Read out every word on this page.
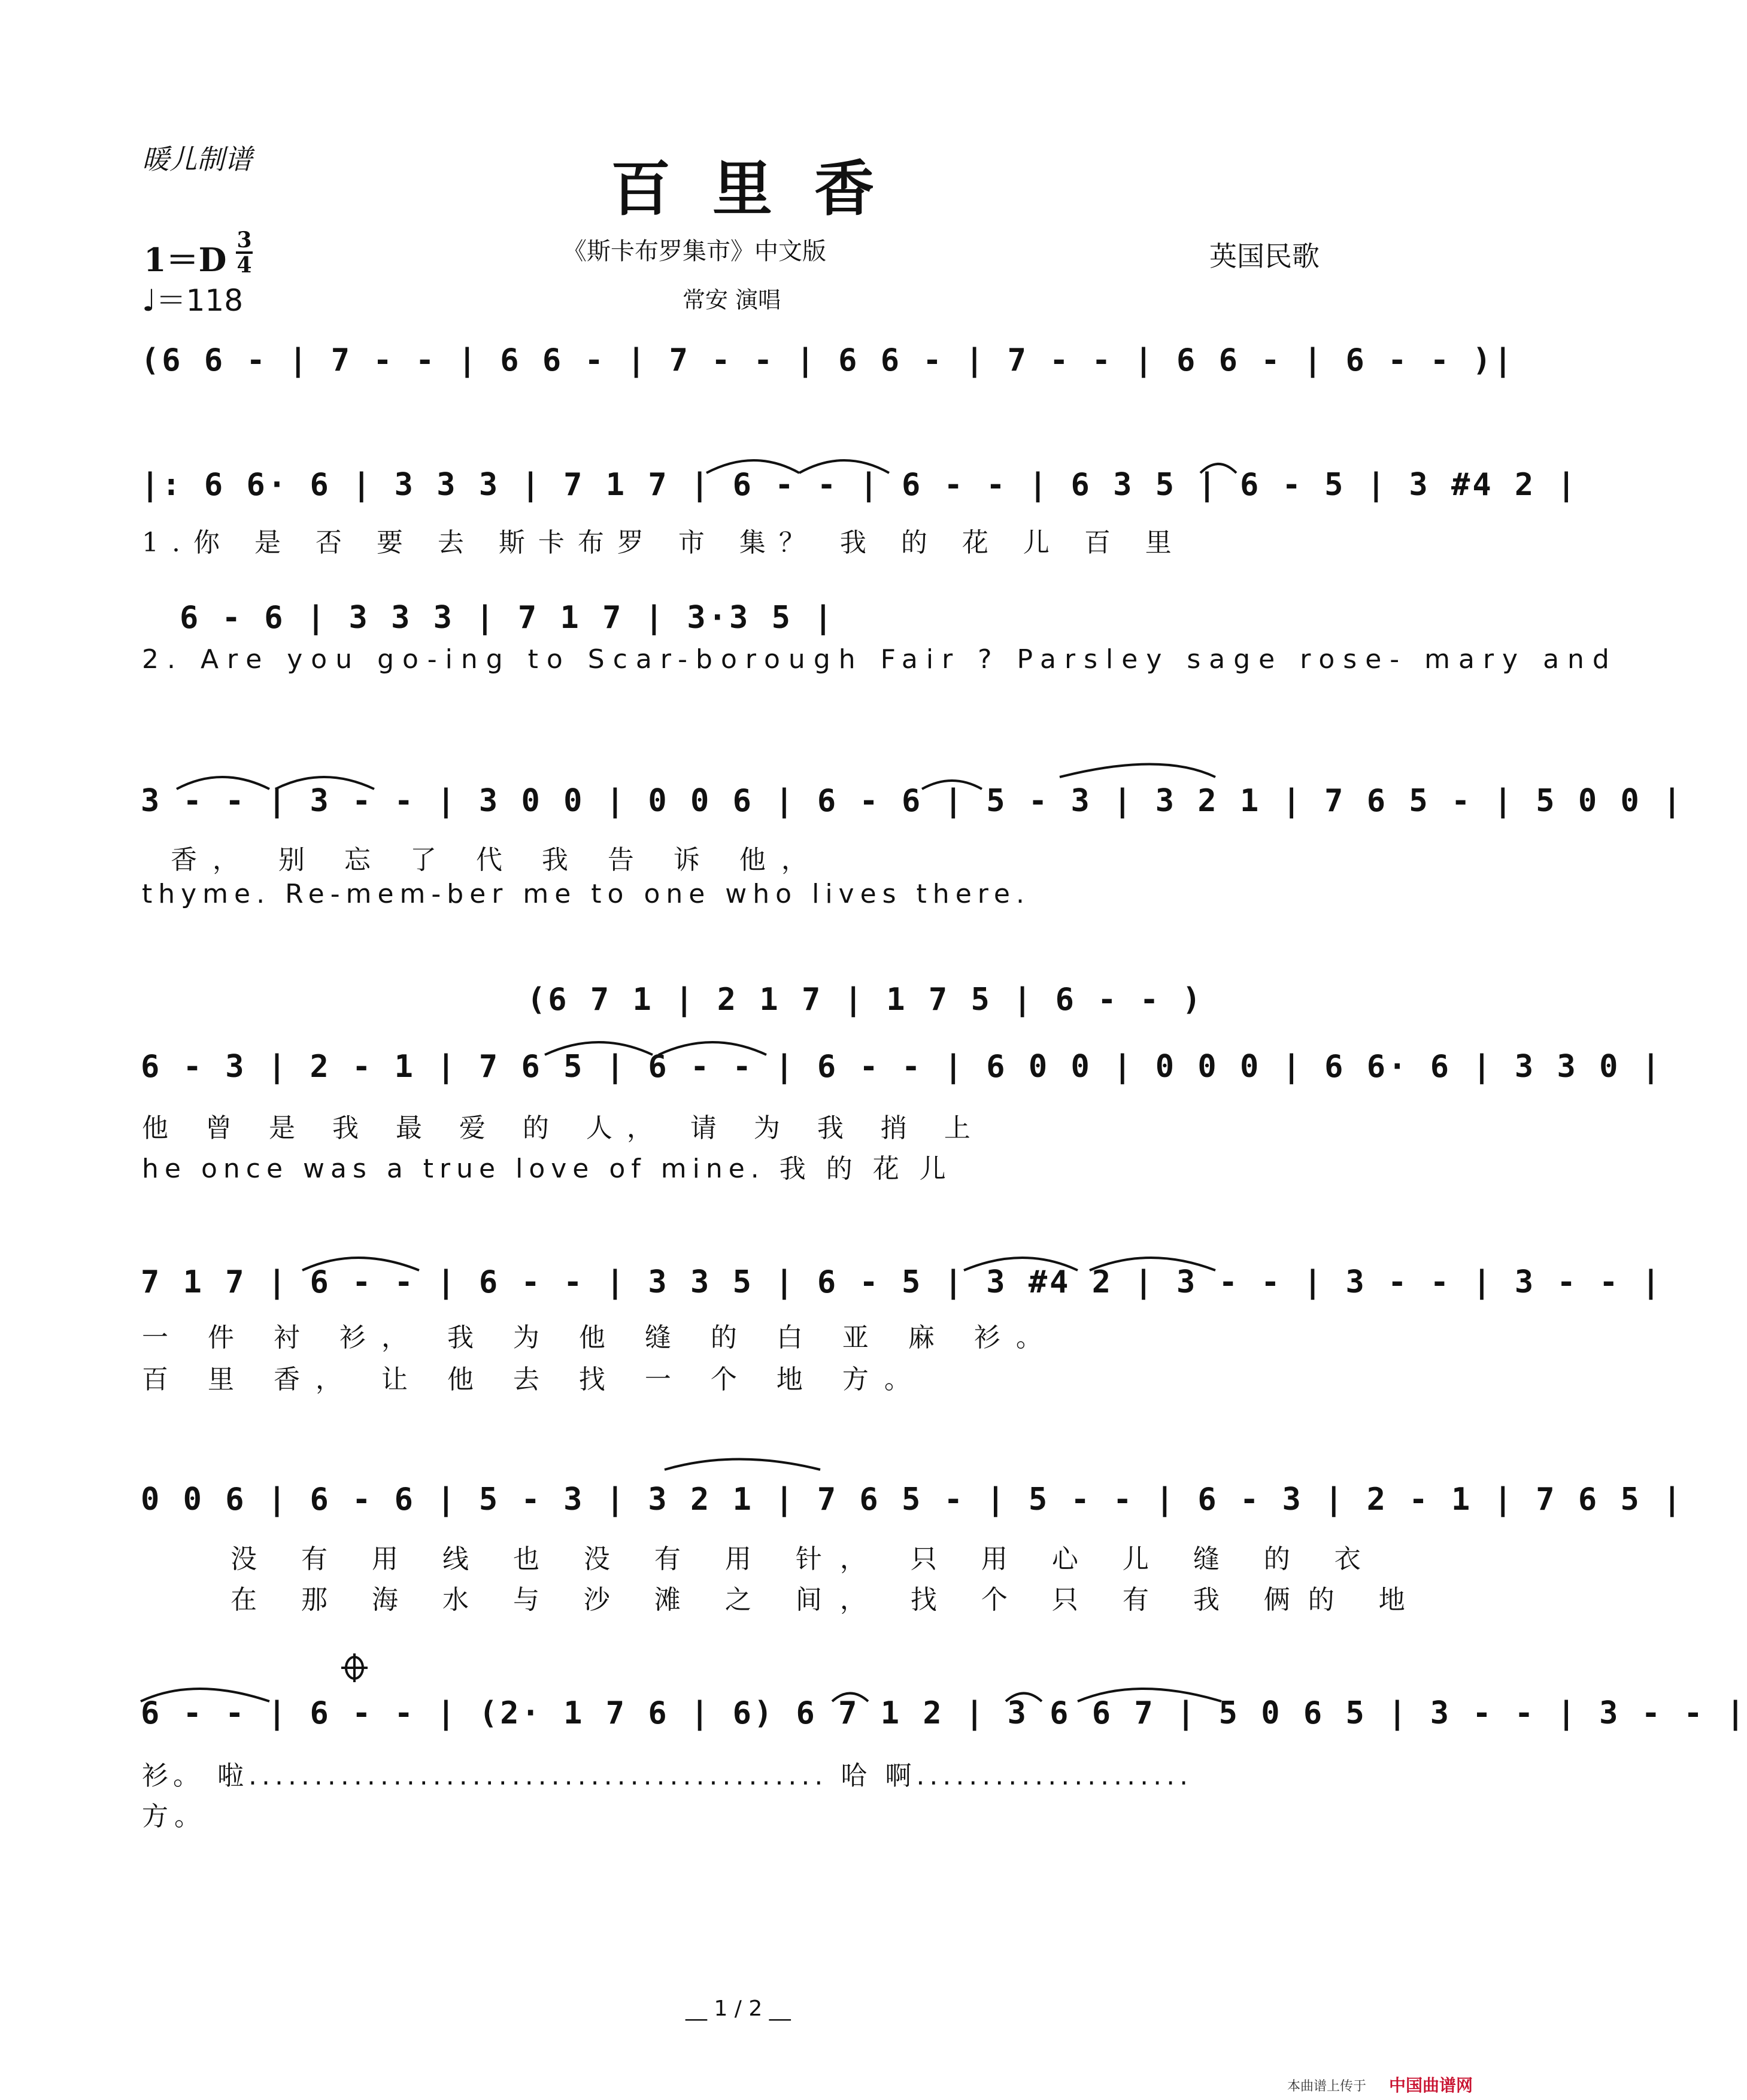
暖儿制谱	百里香
1＝D
3
4
♩＝118
《斯卡布罗集市》中文版
常安 演唱
英国民歌
(6 6 - | 7 - - | 6 6 - | 7 - - | 6 6 - | 7 - - | 6 6 - | 6 - - )|
|: 6 6· 6 | 3 3 3 | 7 1 7 | 6 - - | 6 - - | 6 3 5 | 6 - 5 | 3 #4 2 |
1.你 是 否 要 去 斯卡布罗 市 集？ 我 的 花 儿 百 里
6 - 6 | 3 3 3 | 7 1 7 | 3·3 5 |
2. Are you go-ing to Scar-borough Fair ? Parsley sage rose- mary and
3 - - | 3 - - | 3 0 0 | 0 0 6 | 6 - 6 | 5 - 3 | 3 2 1 | 7 6 5 - | 5 0 0 |
香， 别 忘 了 代 我 告 诉 他，
thyme. Re-mem-ber me to one who lives there.
(6 7 1 | 2 1 7 | 1 7 5 | 6 - - )
6 - 3 | 2 - 1 | 7 6 5 | 6 - - | 6 - - | 6 0 0 | 0 0 0 | 6 6· 6 | 3 3 0 |
他 曾 是 我 最 爱 的 人， 请 为 我 捎 上
he once was a true love of mine. 我 的 花 儿
7 1 7 | 6 - - | 6 - - | 3 3 5 | 6 - 5 | 3 #4 2 | 3 - - | 3 - - | 3 - - |
一 件 衬 衫， 我 为 他 缝 的 白 亚 麻 衫。
百 里 香， 让 他 去 找 一 个 地 方。
0 0 6 | 6 - 6 | 5 - 3 | 3 2 1 | 7 6 5 - | 5 - - | 6 - 3 | 2 - 1 | 7 6 5 |
没 有 用 线 也 没 有 用 针， 只 用 心 儿 缝 的 衣
在 那 海 水 与 沙 滩 之 间， 找 个 只 有 我 俩的 地
6 - - | 6 - - | (2· 1 7 6 | 6) 6 7 1 2 | 3 6 6 7 | 5 0 6 5 | 3 - - | 3 - - |
衫。 啦............................................ 哈 啊.....................
方。
__ 1 / 2 __
本曲谱上传于 中国曲谱网
